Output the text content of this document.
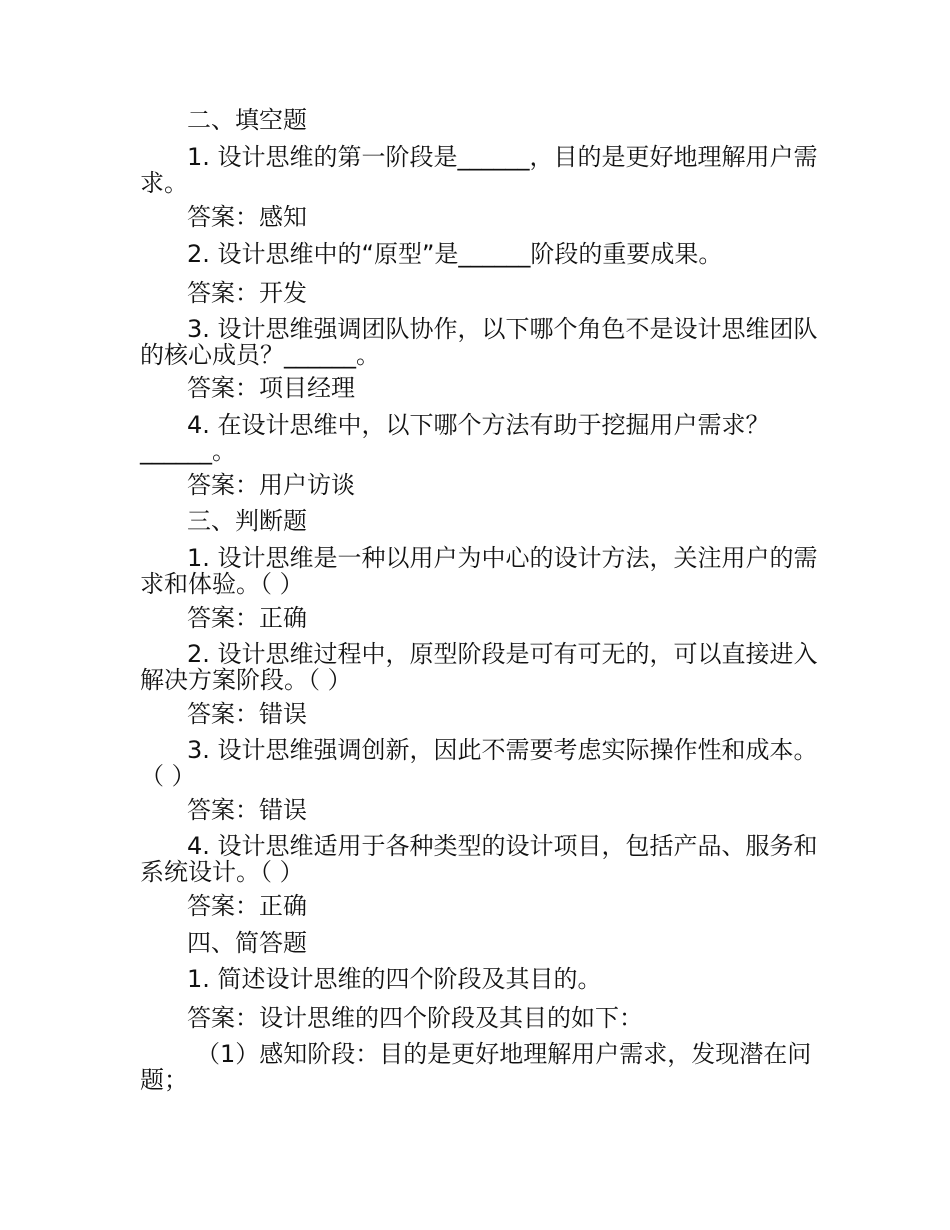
二、填空题
1. 设计思维的第一阶段是______，目的是更好地理解用户需求。
答案：感知
2. 设计思维中的“原型”是______阶段的重要成果。
答案：开发
3. 设计思维强调团队协作，以下哪个角色不是设计思维团队的核心成员？______。
答案：项目经理
4. 在设计思维中，以下哪个方法有助于挖掘用户需求？______。
答案：用户访谈
三、判断题
1. 设计思维是一种以用户为中心的设计方法，关注用户的需求和体验。（ ）
答案：正确
2. 设计思维过程中，原型阶段是可有可无的，可以直接进入解决方案阶段。（ ）
答案：错误
3. 设计思维强调创新，因此不需要考虑实际操作性和成本。（ ）
答案：错误
4. 设计思维适用于各种类型的设计项目，包括产品、服务和系统设计。（ ）
答案：正确
四、简答题
1. 简述设计思维的四个阶段及其目的。
答案：设计思维的四个阶段及其目的如下：
（1）感知阶段：目的是更好地理解用户需求，发现潜在问题；
